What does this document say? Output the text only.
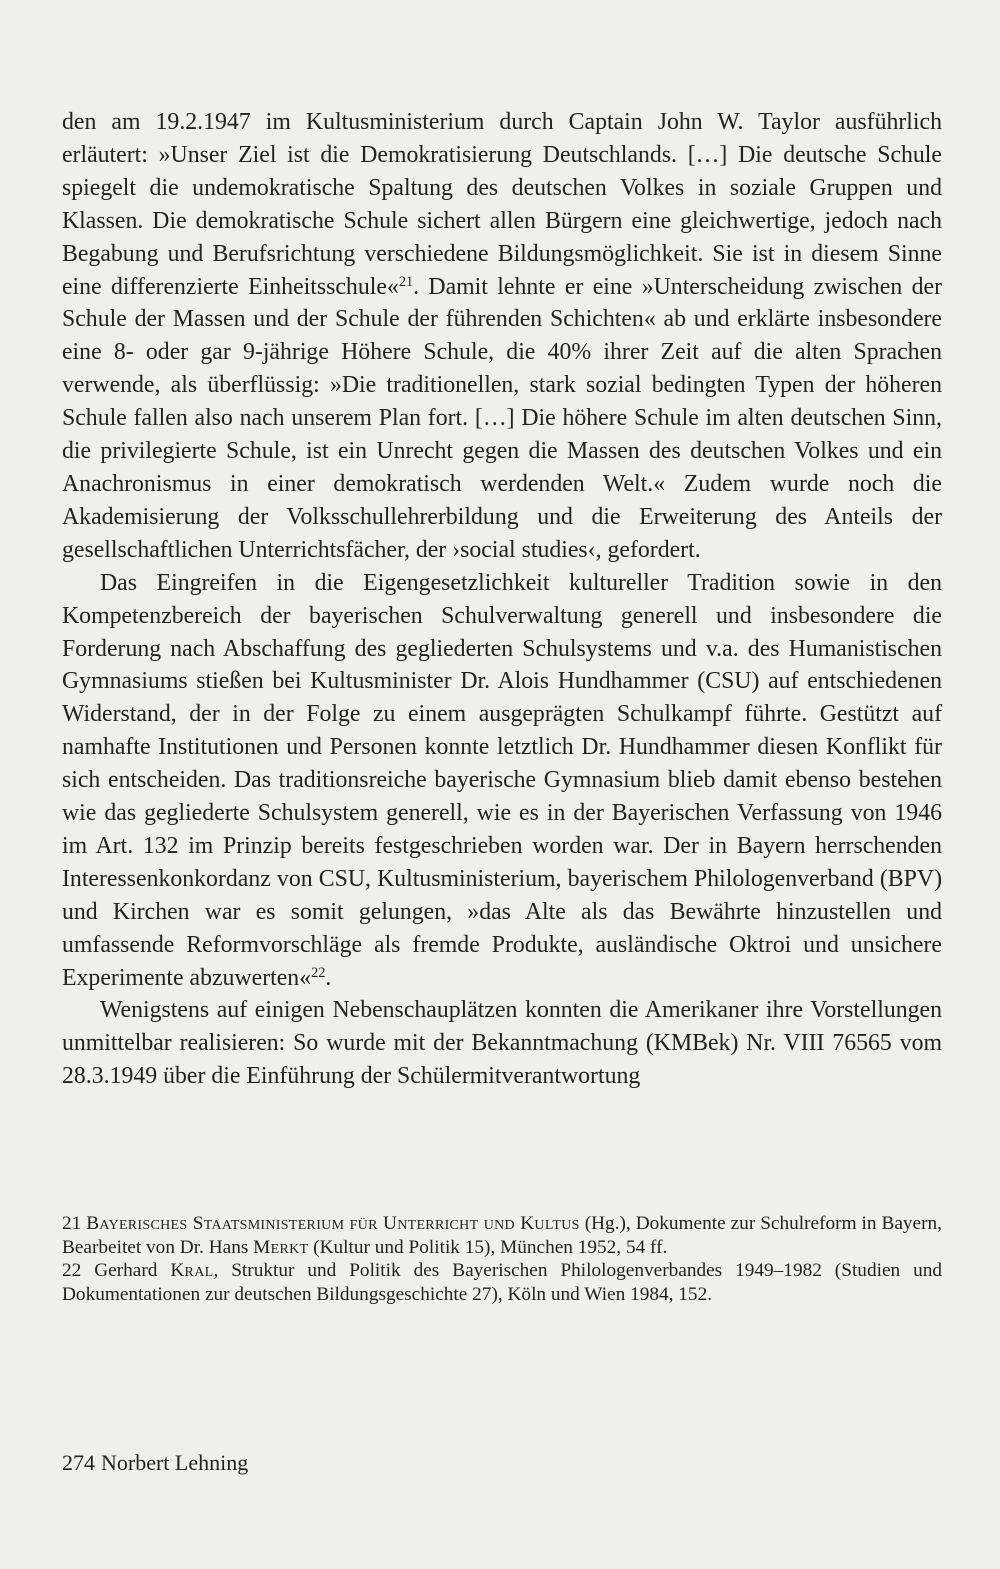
den am 19.2.1947 im Kultusministerium durch Captain John W. Taylor ausführlich erläutert: »Unser Ziel ist die Demokratisierung Deutschlands. […] Die deutsche Schule spiegelt die undemokratische Spaltung des deutschen Volkes in soziale Gruppen und Klassen. Die demokratische Schule sichert allen Bürgern eine gleichwertige, jedoch nach Begabung und Berufsrichtung verschiedene Bildungsmöglichkeit. Sie ist in diesem Sinne eine differenzierte Einheitsschule«$^{21}$. Damit lehnte er eine »Unterscheidung zwischen der Schule der Massen und der Schule der führenden Schichten« ab und erklärte insbesondere eine 8- oder gar 9-jährige Höhere Schule, die 40% ihrer Zeit auf die alten Sprachen verwende, als überflüssig: »Die traditionellen, stark sozial bedingten Typen der höheren Schule fallen also nach unserem Plan fort. […] Die höhere Schule im alten deutschen Sinn, die privilegierte Schule, ist ein Unrecht gegen die Massen des deutschen Volkes und ein Anachronismus in einer demokratisch werdenden Welt.« Zudem wurde noch die Akademisierung der Volksschullehrerbildung und die Erweiterung des Anteils der gesellschaftlichen Unterrichtsfächer, der ›social studies‹, gefordert.

Das Eingreifen in die Eigengesetzlichkeit kultureller Tradition sowie in den Kompetenzbereich der bayerischen Schulverwaltung generell und insbesondere die Forderung nach Abschaffung des gegliederten Schulsystems und v.a. des Humanistischen Gymnasiums stießen bei Kultusminister Dr. Alois Hundhammer (CSU) auf entschiedenen Widerstand, der in der Folge zu einem ausgeprägten Schulkampf führte. Gestützt auf namhafte Institutionen und Personen konnte letztlich Dr. Hundhammer diesen Konflikt für sich entscheiden. Das traditionsreiche bayerische Gymnasium blieb damit ebenso bestehen wie das gegliederte Schulsystem generell, wie es in der Bayerischen Verfassung von 1946 im Art. 132 im Prinzip bereits festgeschrieben worden war. Der in Bayern herrschenden Interessenkonkordanz von CSU, Kultusministerium, bayerischem Philologenverband (BPV) und Kirchen war es somit gelungen, »das Alte als das Bewährte hinzustellen und umfassende Reformvorschläge als fremde Produkte, ausländische Oktroi und unsichere Experimente abzuwerten«$^{22}$.

Wenigstens auf einigen Nebenschauplätzen konnten die Amerikaner ihre Vorstellungen unmittelbar realisieren: So wurde mit der Bekanntmachung (KMBek) Nr. VIII 76565 vom 28.3.1949 über die Einführung der Schülermitverantwortung

21 Bayerisches Staatsministerium für Unterricht und Kultus (Hg.), Dokumente zur Schulreform in Bayern, Bearbeitet von Dr. Hans Merkt (Kultur und Politik 15), München 1952, 54 ff.

22 Gerhard Kral, Struktur und Politik des Bayerischen Philologenverbandes 1949–1982 (Studien und Dokumentationen zur deutschen Bildungsgeschichte 27), Köln und Wien 1984, 152.

274 Norbert Lehning
